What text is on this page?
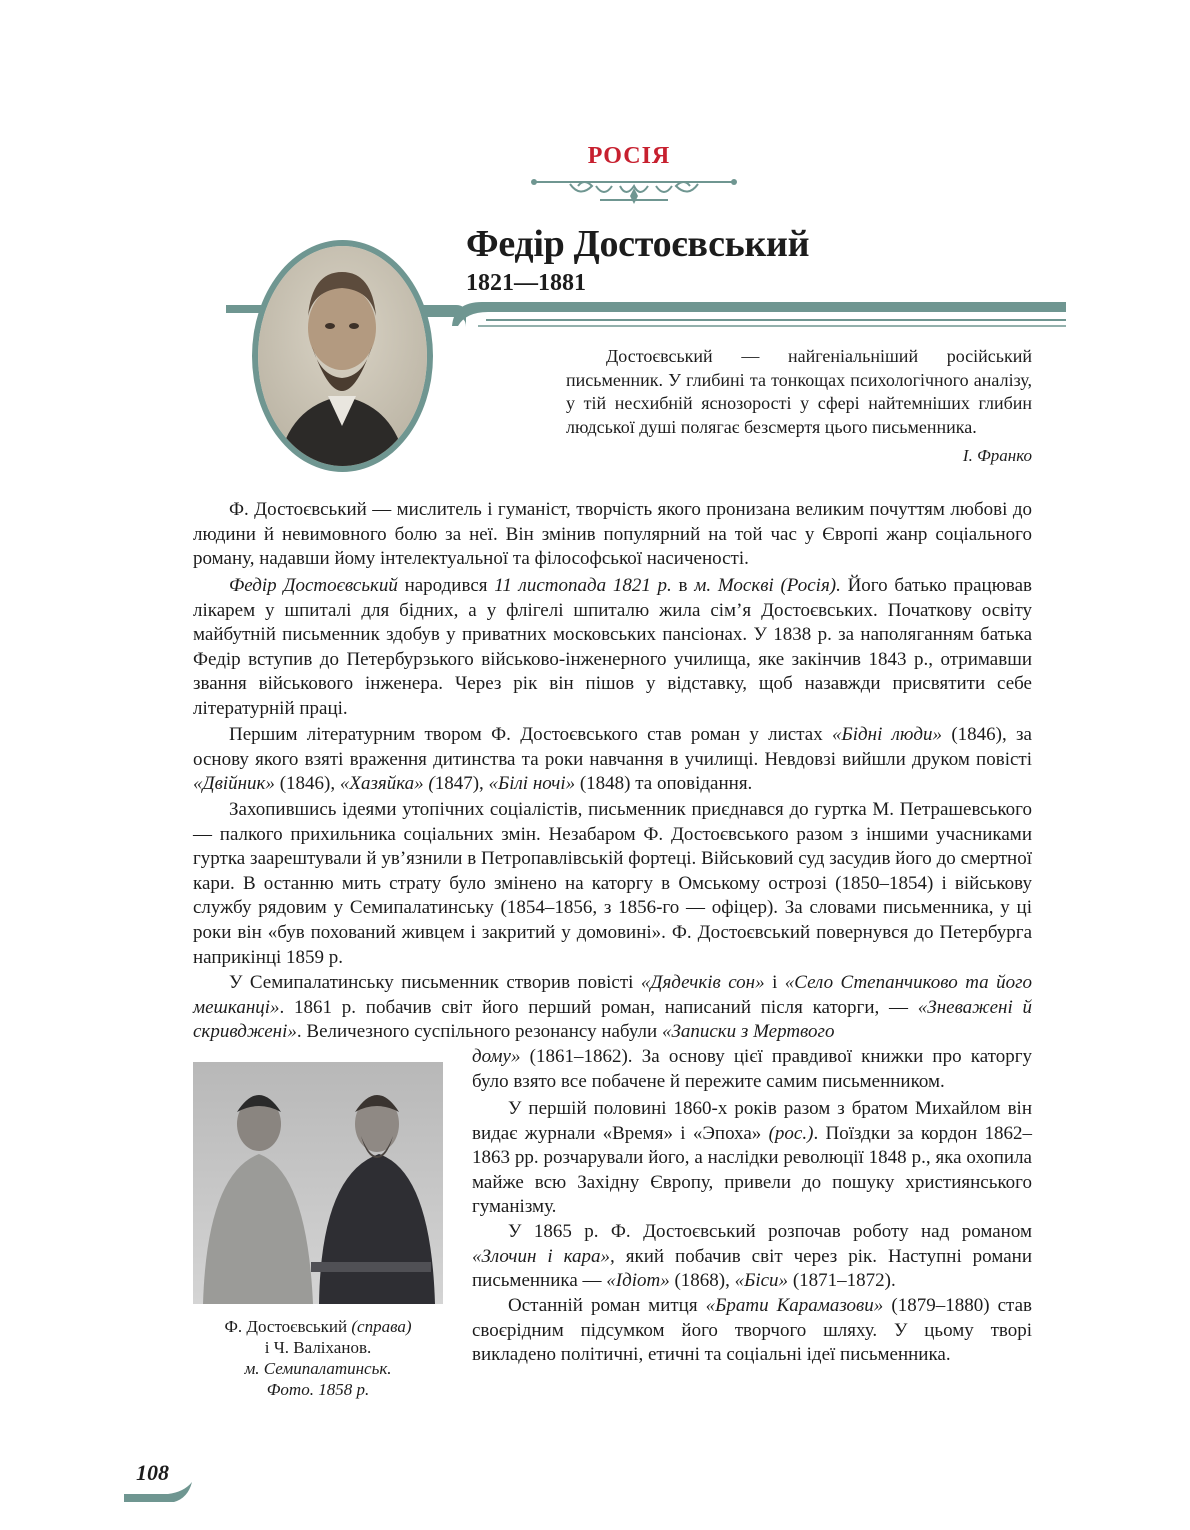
РОСІЯ
Федір Достоєвський
1821—1881
Достоєвський — найгеніальніший російський письменник. У глибині та тонкощах психологічного аналізу, у тій несхибній яснозорості у сфері найтемніших глибин людської душі полягає безсмертя цього письменника.
І. Франко

Ф. Достоєвський — мислитель і гуманіст, творчість якого пронизана великим почуттям любові до людини й невимовного болю за неї. Він змінив популярний на той час у Європі жанр соціального роману, надавши йому інтелектуальної та філософської насиченості.

Федір Достоєвський народився 11 листопада 1821 р. в м. Москві (Росія). Його батько працював лікарем у шпиталі для бідних, а у флігелі шпиталю жила сім’я Достоєвських. Початкову освіту майбутній письменник здобув у приватних московських пансіонах. У 1838 р. за наполяганням батька Федір вступив до Петербурзького військово-інженерного училища, яке закінчив 1843 р., отримавши звання військового інженера. Через рік він пішов у відставку, щоб назавжди присвятити себе літературній праці.

Першим літературним твором Ф. Достоєвського став роман у листах «Бідні люди» (1846), за основу якого взяті враження дитинства та роки навчання в училищі. Невдовзі вийшли друком повісті «Двійник» (1846), «Хазяйка» (1847), «Білі ночі» (1848) та оповідання.

Захопившись ідеями утопічних соціалістів, письменник приєднався до гуртка М. Петрашевського — палкого прихильника соціальних змін. Незабаром Ф. Достоєвського разом з іншими учасниками гуртка заарештували й ув’язнили в Петропавлівській фортеці. Військовий суд засудив його до смертної кари. В останню мить страту було змінено на каторгу в Омському острозі (1850–1854) і військову службу рядовим у Семипалатинську (1854–1856, з 1856-го — офіцер). За словами письменника, у ці роки він «був похований живцем і закритий у домовині». Ф. Достоєвський повернувся до Петербурга наприкінці 1859 р.

У Семипалатинську письменник створив повісті «Дядечків сон» і «Село Степанчиково та його мешканці». 1861 р. побачив світ його перший роман, написаний після каторги, — «Зневажені й скривджені». Величезного суспільного резонансу набули «Записки з Мертвого

дому» (1861–1862). За основу цієї правдивої книжки про каторгу було взято все побачене й пережите самим письменником.

У першій половині 1860-х років разом з братом Михайлом він видає журнали «Время» і «Эпоха» (рос.). Поїздки за кордон 1862–1863 рр. розчарували його, а наслідки революції 1848 р., яка охопила майже всю Західну Європу, привели до пошуку християнського гуманізму.

У 1865 р. Ф. Достоєвський розпочав роботу над романом «Злочин і кара», який побачив світ через рік. Наступні романи письменника — «Ідіот» (1868), «Біси» (1871–1872).

Останній роман митця «Брати Карамазови» (1879–1880) став своєрідним підсумком його творчого шляху. У цьому творі викладено політичні, етичні та соціальні ідеї письменника.

Ф. Достоєвський (справа)
і Ч. Валіханов.
м. Семипалатинськ.
Фото. 1858 р.
108
